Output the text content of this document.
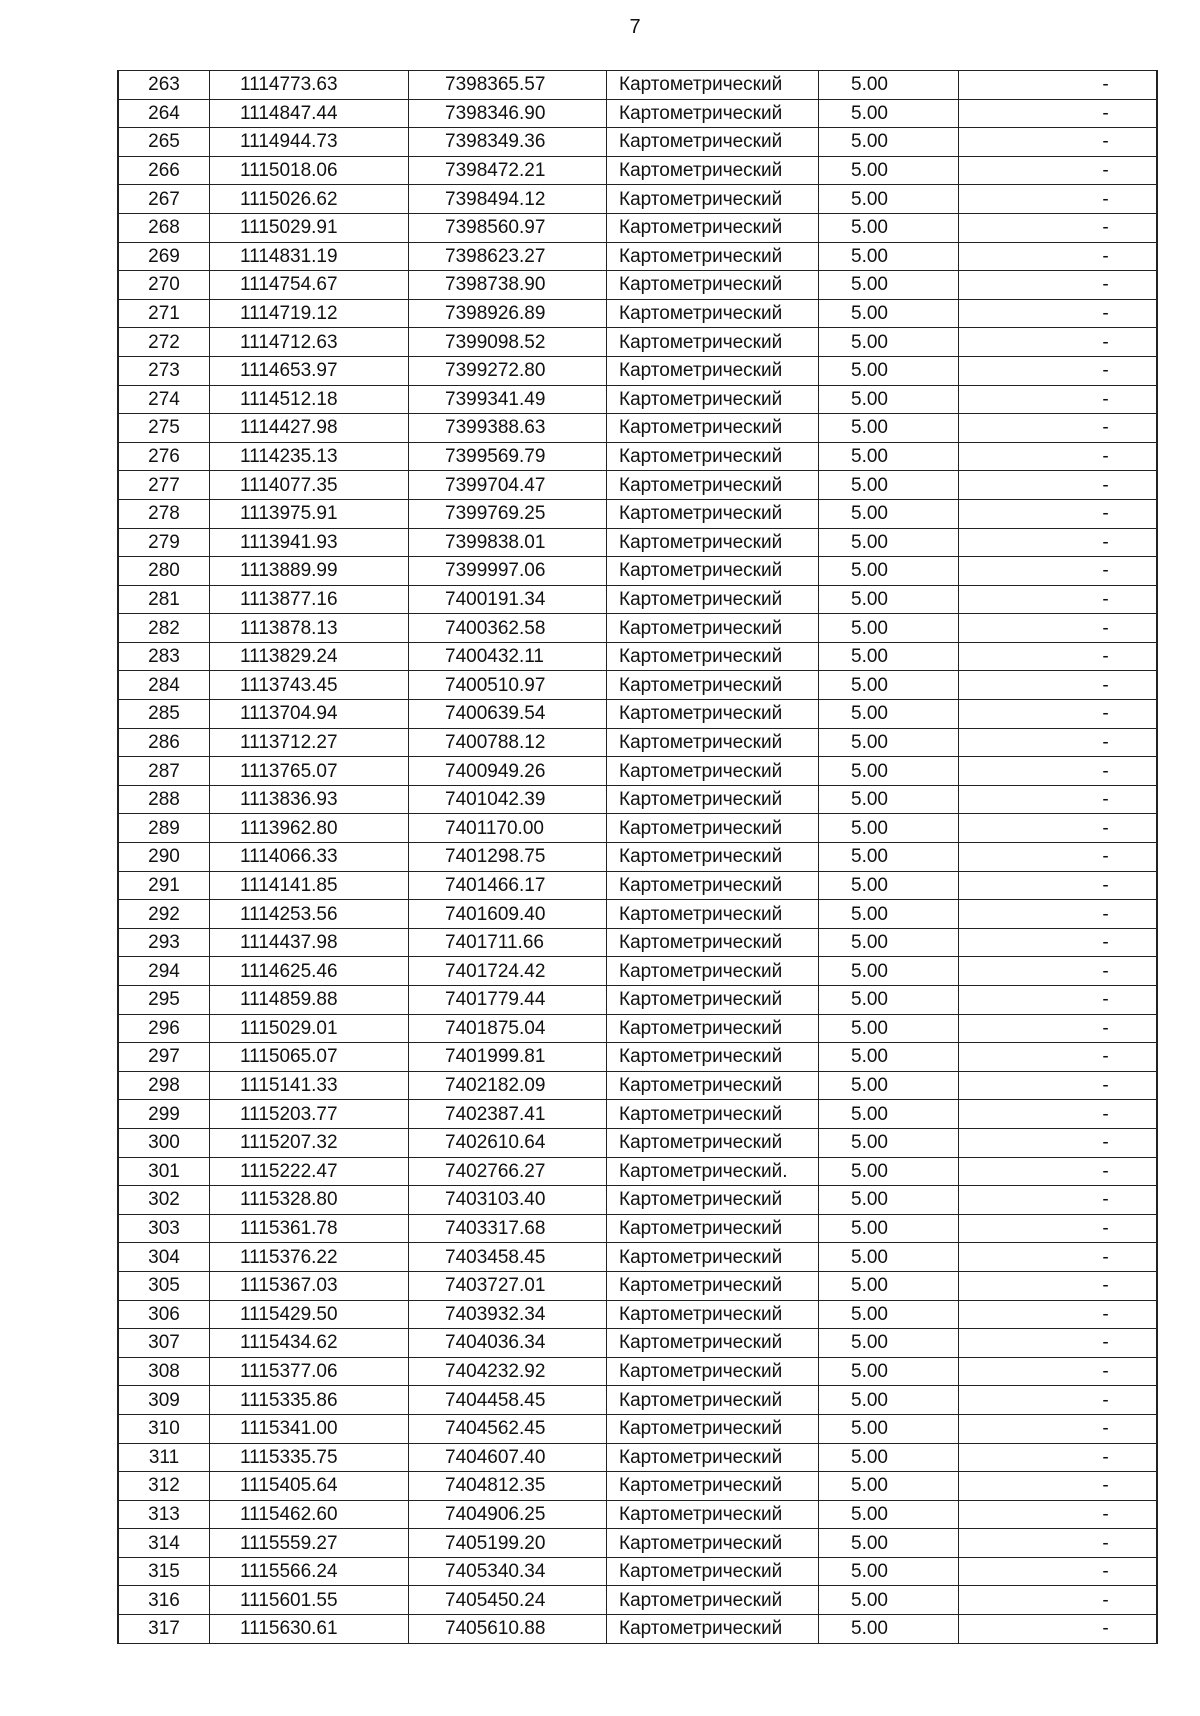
7
263	1114773.63	7398365.57	Картометрический	5.00	-
264	1114847.44	7398346.90	Картометрический	5.00	-
265	1114944.73	7398349.36	Картометрический	5.00	-
266	1115018.06	7398472.21	Картометрический	5.00	-
267	1115026.62	7398494.12	Картометрический	5.00	-
268	1115029.91	7398560.97	Картометрический	5.00	-
269	1114831.19	7398623.27	Картометрический	5.00	-
270	1114754.67	7398738.90	Картометрический	5.00	-
271	1114719.12	7398926.89	Картометрический	5.00	-
272	1114712.63	7399098.52	Картометрический	5.00	-
273	1114653.97	7399272.80	Картометрический	5.00	-
274	1114512.18	7399341.49	Картометрический	5.00	-
275	1114427.98	7399388.63	Картометрический	5.00	-
276	1114235.13	7399569.79	Картометрический	5.00	-
277	1114077.35	7399704.47	Картометрический	5.00	-
278	1113975.91	7399769.25	Картометрический	5.00	-
279	1113941.93	7399838.01	Картометрический	5.00	-
280	1113889.99	7399997.06	Картометрический	5.00	-
281	1113877.16	7400191.34	Картометрический	5.00	-
282	1113878.13	7400362.58	Картометрический	5.00	-
283	1113829.24	7400432.11	Картометрический	5.00	-
284	1113743.45	7400510.97	Картометрический	5.00	-
285	1113704.94	7400639.54	Картометрический	5.00	-
286	1113712.27	7400788.12	Картометрический	5.00	-
287	1113765.07	7400949.26	Картометрический	5.00	-
288	1113836.93	7401042.39	Картометрический	5.00	-
289	1113962.80	7401170.00	Картометрический	5.00	-
290	1114066.33	7401298.75	Картометрический	5.00	-
291	1114141.85	7401466.17	Картометрический	5.00	-
292	1114253.56	7401609.40	Картометрический	5.00	-
293	1114437.98	7401711.66	Картометрический	5.00	-
294	1114625.46	7401724.42	Картометрический	5.00	-
295	1114859.88	7401779.44	Картометрический	5.00	-
296	1115029.01	7401875.04	Картометрический	5.00	-
297	1115065.07	7401999.81	Картометрический	5.00	-
298	1115141.33	7402182.09	Картометрический	5.00	-
299	1115203.77	7402387.41	Картометрический	5.00	-
300	1115207.32	7402610.64	Картометрический	5.00	-
301	1115222.47	7402766.27	Картометрический.	5.00	-
302	1115328.80	7403103.40	Картометрический	5.00	-
303	1115361.78	7403317.68	Картометрический	5.00	-
304	1115376.22	7403458.45	Картометрический	5.00	-
305	1115367.03	7403727.01	Картометрический	5.00	-
306	1115429.50	7403932.34	Картометрический	5.00	-
307	1115434.62	7404036.34	Картометрический	5.00	-
308	1115377.06	7404232.92	Картометрический	5.00	-
309	1115335.86	7404458.45	Картометрический	5.00	-
310	1115341.00	7404562.45	Картометрический	5.00	-
311	1115335.75	7404607.40	Картометрический	5.00	-
312	1115405.64	7404812.35	Картометрический	5.00	-
313	1115462.60	7404906.25	Картометрический	5.00	-
314	1115559.27	7405199.20	Картометрический	5.00	-
315	1115566.24	7405340.34	Картометрический	5.00	-
316	1115601.55	7405450.24	Картометрический	5.00	-
317	1115630.61	7405610.88	Картометрический	5.00	-
